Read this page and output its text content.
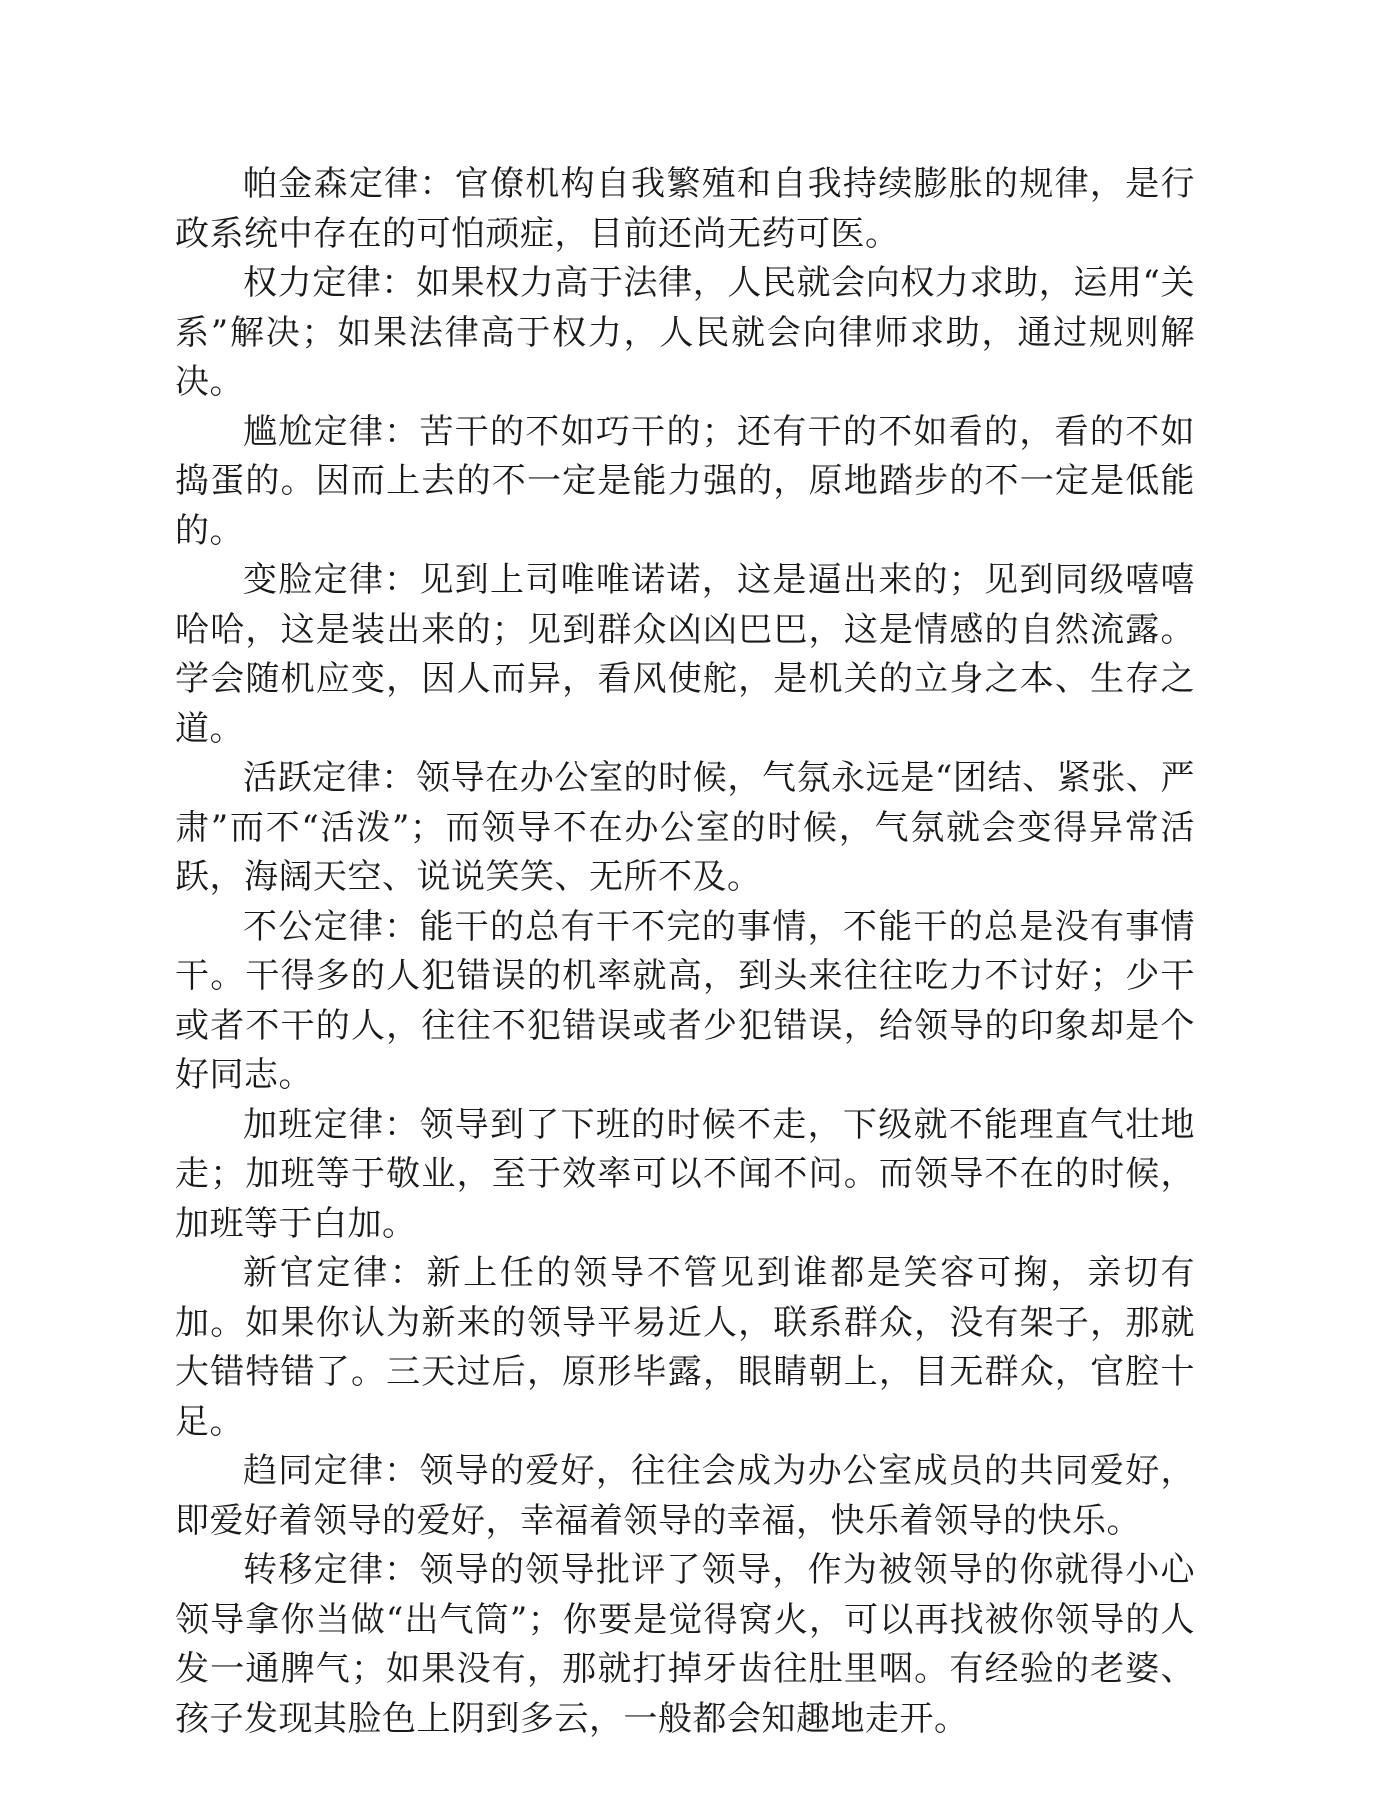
帕金森定律：官僚机构自我繁殖和自我持续膨胀的规律，是行政系统中存在的可怕顽症，目前还尚无药可医。

权力定律：如果权力高于法律，人民就会向权力求助，运用“关系”解决；如果法律高于权力，人民就会向律师求助，通过规则解决。

尴尬定律：苦干的不如巧干的；还有干的不如看的，看的不如捣蛋的。因而上去的不一定是能力强的，原地踏步的不一定是低能的。

变脸定律：见到上司唯唯诺诺，这是逼出来的；见到同级嘻嘻哈哈，这是装出来的；见到群众凶凶巴巴，这是情感的自然流露。学会随机应变，因人而异，看风使舵，是机关的立身之本、生存之道。

活跃定律：领导在办公室的时候，气氛永远是“团结、紧张、严肃”而不“活泼”；而领导不在办公室的时候，气氛就会变得异常活跃，海阔天空、说说笑笑、无所不及。

不公定律：能干的总有干不完的事情，不能干的总是没有事情干。干得多的人犯错误的机率就高，到头来往往吃力不讨好；少干或者不干的人，往往不犯错误或者少犯错误，给领导的印象却是个好同志。

加班定律：领导到了下班的时候不走，下级就不能理直气壮地走；加班等于敬业，至于效率可以不闻不问。而领导不在的时候，加班等于白加。

新官定律：新上任的领导不管见到谁都是笑容可掬，亲切有加。如果你认为新来的领导平易近人，联系群众，没有架子，那就大错特错了。三天过后，原形毕露，眼睛朝上，目无群众，官腔十足。

趋同定律：领导的爱好，往往会成为办公室成员的共同爱好，即爱好着领导的爱好，幸福着领导的幸福，快乐着领导的快乐。

转移定律：领导的领导批评了领导，作为被领导的你就得小心领导拿你当做“出气筒”；你要是觉得窝火，可以再找被你领导的人发一通脾气；如果没有，那就打掉牙齿往肚里咽。有经验的老婆、孩子发现其脸色上阴到多云，一般都会知趣地走开。
